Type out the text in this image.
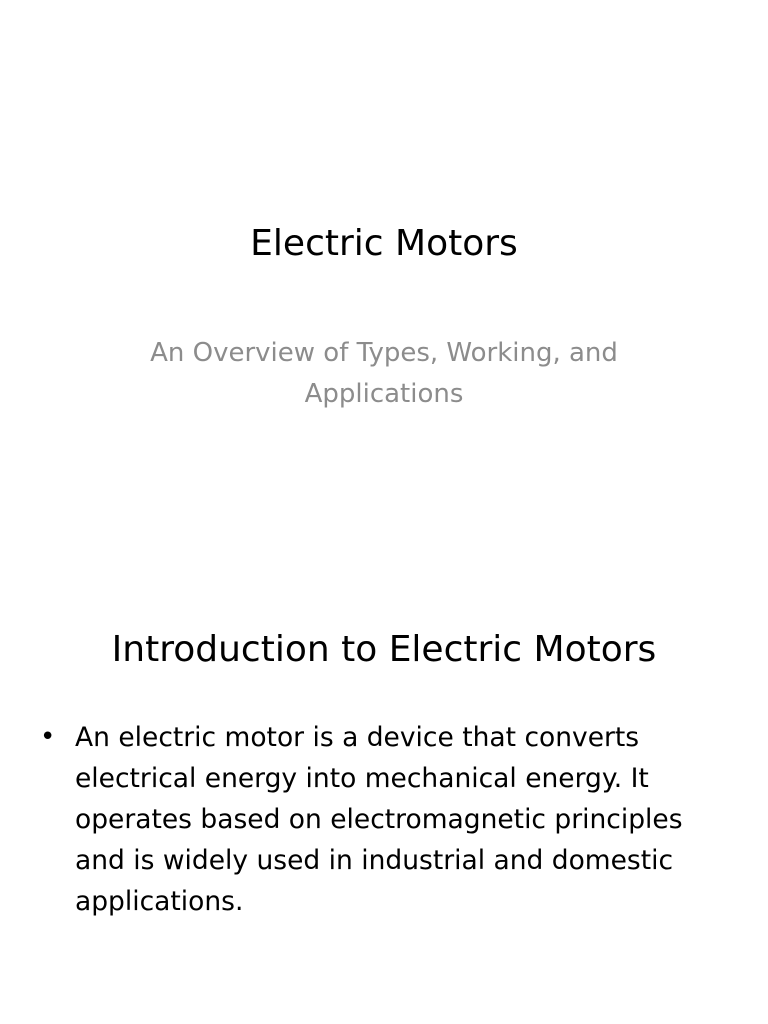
Electric Motors

An Overview of Types, Working, and Applications

Introduction to Electric Motors
• An electric motor is a device that converts electrical energy into mechanical energy. It operates based on electromagnetic principles and is widely used in industrial and domestic applications.
